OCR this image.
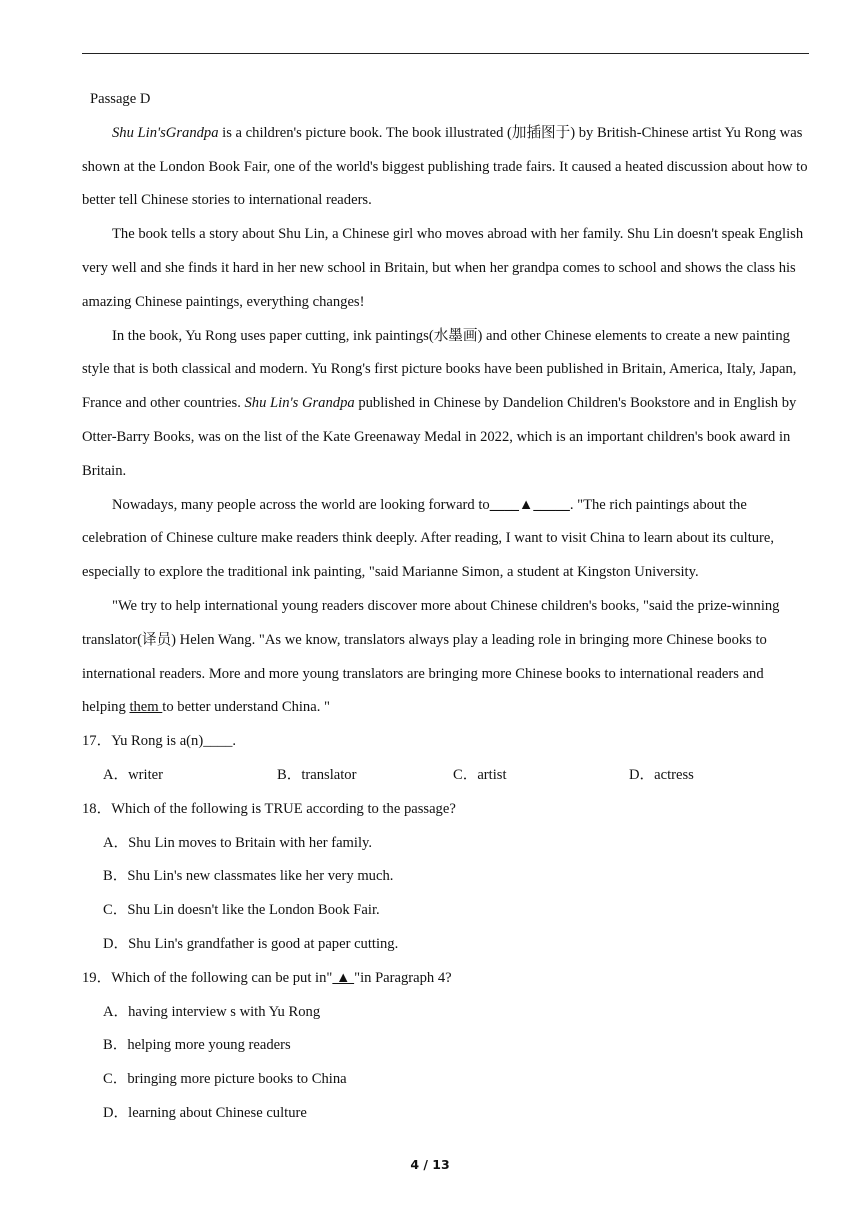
Passage D

Shu Lin'sGrandpa is a children's picture book. The book illustrated (加插图于) by British-Chinese artist Yu Rong was shown at the London Book Fair, one of the world's biggest publishing trade fairs. It caused a heated discussion about how to better tell Chinese stories to international readers.

The book tells a story about Shu Lin, a Chinese girl who moves abroad with her family. Shu Lin doesn't speak English very well and she finds it hard in her new school in Britain, but when her grandpa comes to school and shows the class his amazing Chinese paintings, everything changes!

In the book, Yu Rong uses paper cutting, ink paintings(水墨画) and other Chinese elements to create a new painting style that is both classical and modern. Yu Rong's first picture books have been published in Britain, America, Italy, Japan, France and other countries. Shu Lin's Grandpa published in Chinese by Dandelion Children's Bookstore and in English by Otter-Barry Books, was on the list of the Kate Greenaway Medal in 2022, which is an important children's book award in Britain.

Nowadays, many people across the world are looking forward to____▲_____. "The rich paintings about the celebration of Chinese culture make readers think deeply. After reading, I want to visit China to learn about its culture, especially to explore the traditional ink painting, "said Marianne Simon, a student at Kingston University.

"We try to help international young readers discover more about Chinese children's books, "said the prize-winning translator(译员) Helen Wang. "As we know, translators always play a leading role in bringing more Chinese books to international readers. More and more young translators are bringing more Chinese books to international readers and helping them to better understand China. "

17．Yu Rong is a(n)____.

A．writer	B．translator	C．artist	D．actress

18．Which of the following is TRUE according to the passage?

A．Shu Lin moves to Britain with her family.

B．Shu Lin's new classmates like her very much.

C．Shu Lin doesn't like the London Book Fair.

D．Shu Lin's grandfather is good at paper cutting.

19．Which of the following can be put in" ▲ "in Paragraph 4?

A．having interview s with Yu Rong

B．helping more young readers

C．bringing more picture books to China

D．learning about Chinese culture

4 / 13
